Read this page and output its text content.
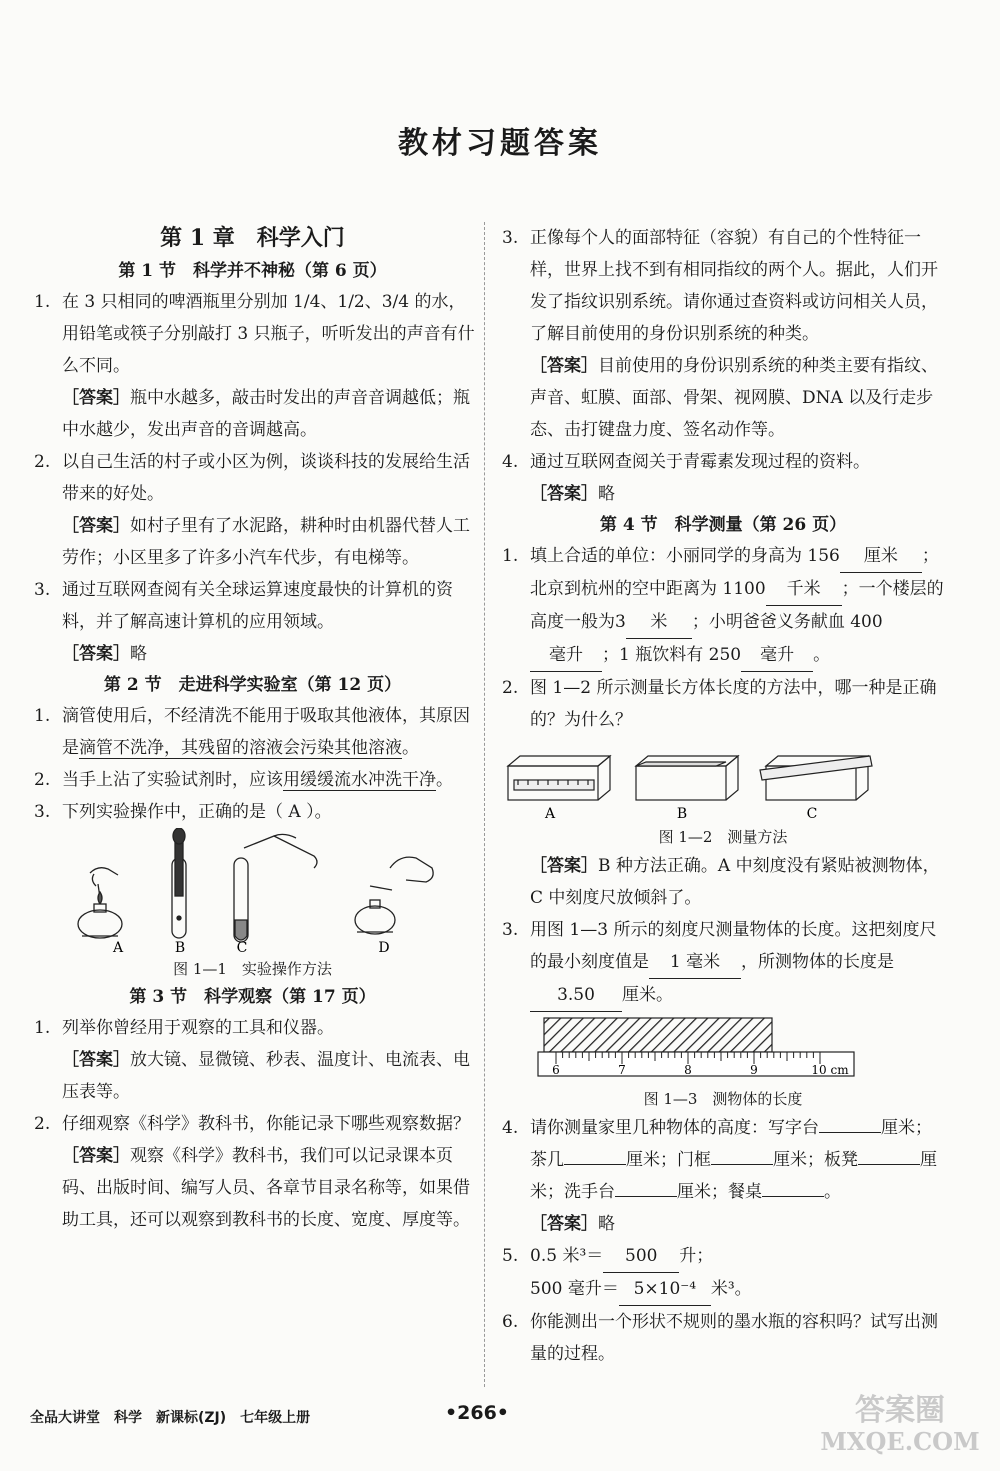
教材习题答案
第 1 章　科学入门
第 1 节　科学并不神秘（第 6 页）
1. 在 3 只相同的啤酒瓶里分别加 1/4、1/2、3/4 的水，用铅笔或筷子分别敲打 3 只瓶子，听听发出的声音有什么不同。
［答案］瓶中水越多，敲击时发出的声音音调越低；瓶中水越少，发出声音的音调越高。
2. 以自己生活的村子或小区为例，谈谈科技的发展给生活带来的好处。
［答案］如村子里有了水泥路，耕种时由机器代替人工劳作；小区里多了许多小汽车代步，有电梯等。
3. 通过互联网查阅有关全球运算速度最快的计算机的资料，并了解高速计算机的应用领域。
［答案］略
第 2 节　走进科学实验室（第 12 页）
1. 滴管使用后，不经清洗不能用于吸取其他液体，其原因是滴管不洗净，其残留的溶液会污染其他溶液。
2. 当手上沾了实验试剂时，应该用缓缓流水冲洗干净。
3. 下列实验操作中，正确的是（ A ）。
A	B	C	D
图 1—1　实验操作方法
第 3 节　科学观察（第 17 页）
1. 列举你曾经用于观察的工具和仪器。
［答案］放大镜、显微镜、秒表、温度计、电流表、电压表等。
2. 仔细观察《科学》教科书，你能记录下哪些观察数据？
［答案］观察《科学》教科书，我们可以记录课本页码、出版时间、编写人员、各章节目录名称等，如果借助工具，还可以观察到教科书的长度、宽度、厚度等。
3. 正像每个人的面部特征（容貌）有自己的个性特征一样，世界上找不到有相同指纹的两个人。据此，人们开发了指纹识别系统。请你通过查资料或访问相关人员，了解目前使用的身份识别系统的种类。
［答案］目前使用的身份识别系统的种类主要有指纹、声音、虹膜、面部、骨架、视网膜、DNA 以及行走步态、击打键盘力度、签名动作等。
4. 通过互联网查阅关于青霉素发现过程的资料。
［答案］略
第 4 节　科学测量（第 26 页）
1. 填上合适的单位：小丽同学的身高为 156 厘米 ；北京到杭州的空中距离为 1100 千米 ；一个楼层的高度一般为3 米 ；小明爸爸义务献血 400毫升 ；1 瓶饮料有 250 毫升 。
2. 图 1—2 所示测量长方体长度的方法中，哪一种是正确的？为什么？
A	B	C
图 1—2　测量方法
［答案］B 种方法正确。A 中刻度没有紧贴被测物体，C 中刻度尺放倾斜了。
3. 用图 1—3 所示的刻度尺测量物体的长度。这把刻度尺的最小刻度值是 1 毫米 ，所测物体的长度是3.50 厘米。
6	7	8	9	10 cm
图 1—3　测物体的长度
4. 请你测量家里几种物体的高度：写字台	厘米；茶几	厘米；门框	厘米；板凳	厘米；洗手台	厘米；餐桌	。
［答案］略
5. 0.5 米³＝ 500 升；
500 毫升＝ 5×10⁻⁴ 米³。
6. 你能测出一个形状不规则的墨水瓶的容积吗？试写出测量的过程。
全品大讲堂　科学　新课标(ZJ)　七年级上册	•266•	答案圈
MXQE.COM
